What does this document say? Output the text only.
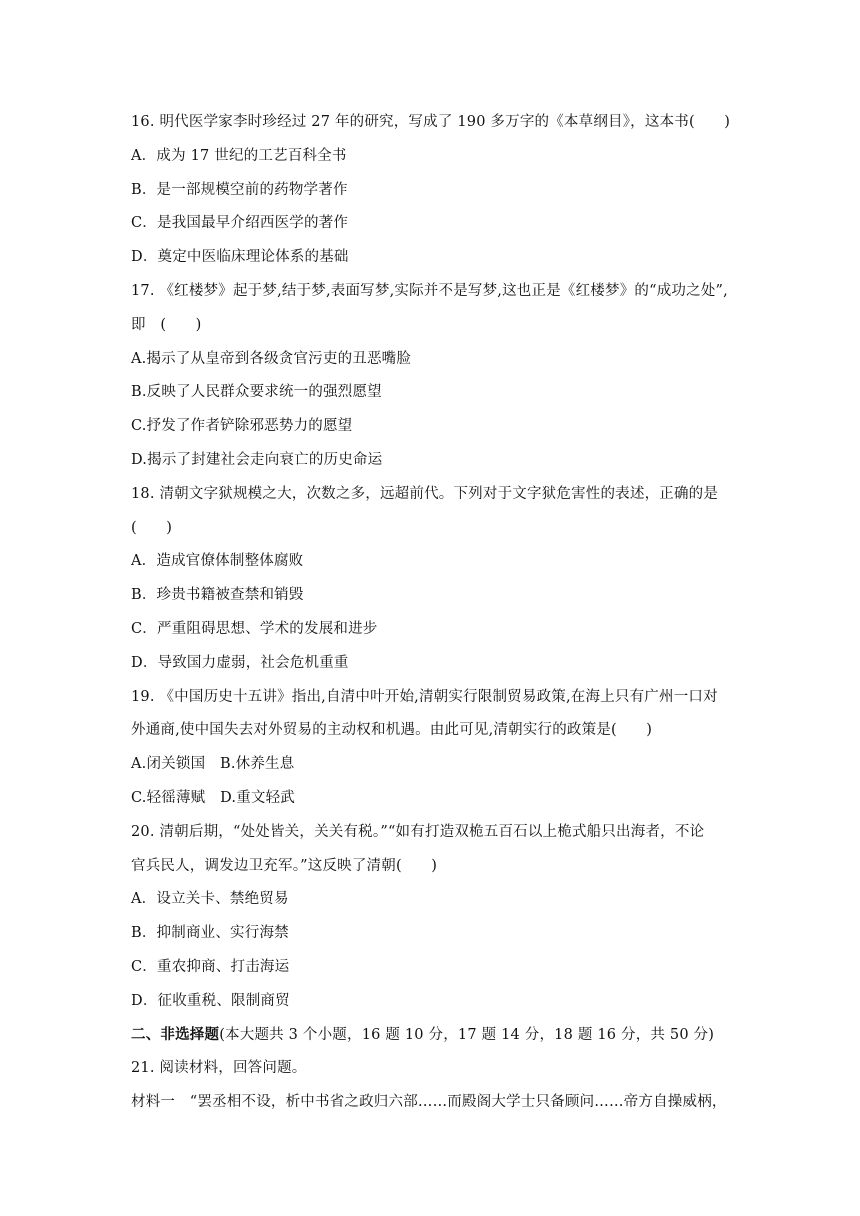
16. 明代医学家李时珍经过 27 年的研究，写成了 190 多万字的《本草纲目》，这本书(　　)
A．成为 17 世纪的工艺百科全书
B．是一部规模空前的药物学著作
C．是我国最早介绍西医学的著作
D．奠定中医临床理论体系的基础
17. 《红楼梦》起于梦,结于梦,表面写梦,实际并不是写梦,这也正是《红楼梦》的“成功之处”,
即　(　　)
A.揭示了从皇帝到各级贪官污吏的丑恶嘴脸
B.反映了人民群众要求统一的强烈愿望
C.抒发了作者铲除邪恶势力的愿望
D.揭示了封建社会走向衰亡的历史命运
18. 清朝文字狱规模之大，次数之多，远超前代。下列对于文字狱危害性的表述，正确的是
(　　)
A．造成官僚体制整体腐败
B．珍贵书籍被查禁和销毁
C．严重阻碍思想、学术的发展和进步
D．导致国力虚弱，社会危机重重
19. 《中国历史十五讲》指出,自清中叶开始,清朝实行限制贸易政策,在海上只有广州一口对
外通商,使中国失去对外贸易的主动权和机遇。由此可见,清朝实行的政策是(　　)
A.闭关锁国　B.休养生息
C.轻徭薄赋　D.重文轻武
20. 清朝后期，“处处皆关，关关有税。”“如有打造双桅五百石以上桅式船只出海者，不论
官兵民人，调发边卫充军。”这反映了清朝(　　)
A．设立关卡、禁绝贸易
B．抑制商业、实行海禁
C．重农抑商、打击海运
D．征收重税、限制商贸
二、非选择题(本大题共 3 个小题，16 题 10 分，17 题 14 分，18 题 16 分，共 50 分)
21. 阅读材料，回答问题。
材料一　“罢丞相不设，析中书省之政归六部……而殿阁大学士只备顾问……帝方自操威柄，
